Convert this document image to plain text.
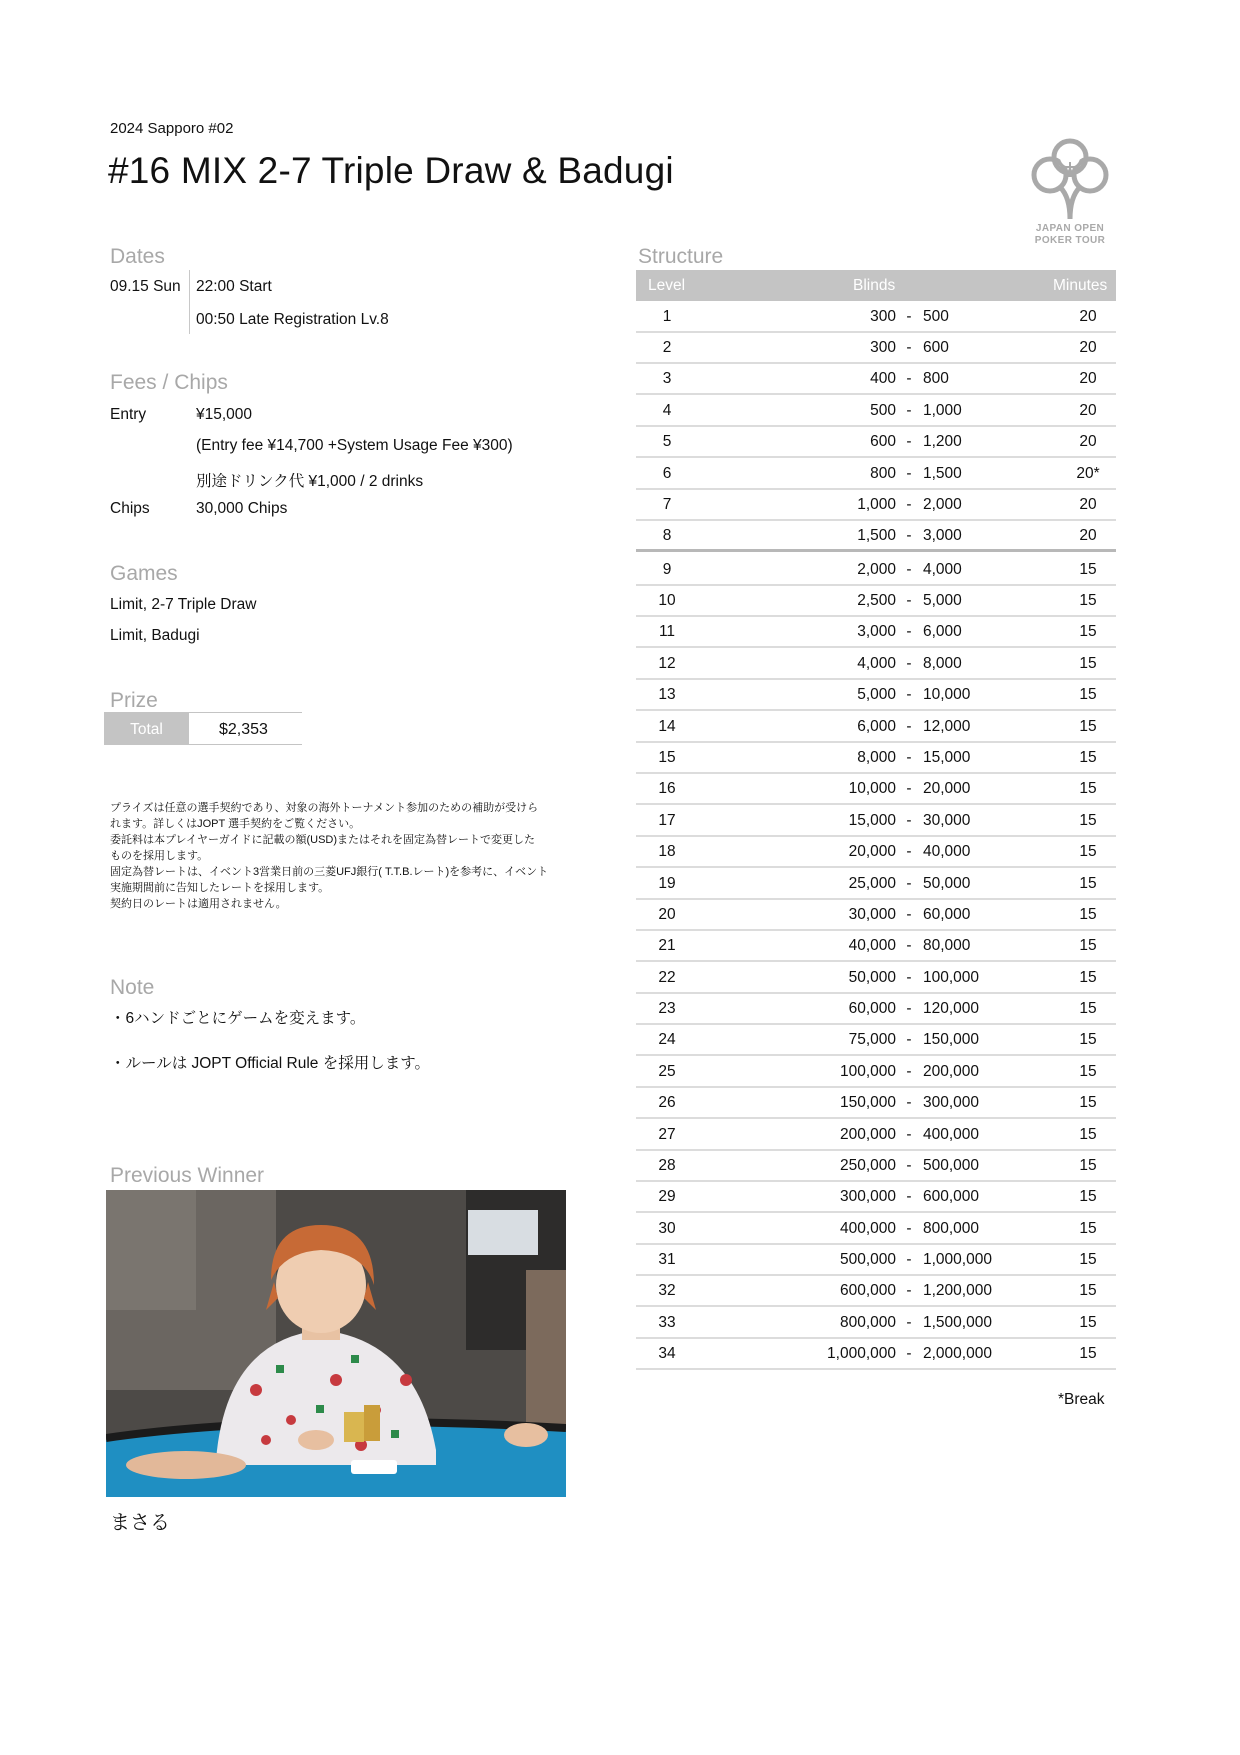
2024 Sapporo #02
#16 MIX 2-7 Triple Draw & Badugi
JAPAN OPEN
POKER TOUR
Dates
09.15 Sun 22:00 Start
00:50 Late Registration Lv.8
Fees / Chips
Entry	¥15,000
(Entry fee ¥14,700 +System Usage Fee ¥300)
別途ドリンク代 ¥1,000 / 2 drinks
Chips	30,000 Chips
Games
Limit, 2-7 Triple Draw
Limit, Badugi
Prize
Total	$2,353
プライズは任意の選手契約であり、対象の海外トーナメント参加のための補助が受けら
れます。詳しくはJOPT 選手契約をご覧ください。
委託料は本プレイヤーガイドに記載の額(USD)またはそれを固定為替レートで変更した
ものを採用します。
固定為替レートは、イベント3営業日前の三菱UFJ銀行( T.T.B.レート)を参考に、イベント
実施期間前に告知したレートを採用します。
契約日のレートは適用されません。
Note
・6ハンドごとにゲームを変えます。
・ルールは JOPT Official Rule を採用します。
Previous Winner
まさる
Structure
Level	Blinds	Minutes
1	300 - 500	20
2	300 - 600	20
3	400 - 800	20
4	500 - 1,000	20
5	600 - 1,200	20
6	800 - 1,500	20*
7	1,000 - 2,000	20
8	1,500 - 3,000	20
9	2,000 - 4,000	15
10	2,500 - 5,000	15
11	3,000 - 6,000	15
12	4,000 - 8,000	15
13	5,000 - 10,000	15
14	6,000 - 12,000	15
15	8,000 - 15,000	15
16	10,000 - 20,000	15
17	15,000 - 30,000	15
18	20,000 - 40,000	15
19	25,000 - 50,000	15
20	30,000 - 60,000	15
21	40,000 - 80,000	15
22	50,000 - 100,000	15
23	60,000 - 120,000	15
24	75,000 - 150,000	15
25	100,000 - 200,000	15
26	150,000 - 300,000	15
27	200,000 - 400,000	15
28	250,000 - 500,000	15
29	300,000 - 600,000	15
30	400,000 - 800,000	15
31	500,000 - 1,000,000	15
32	600,000 - 1,200,000	15
33	800,000 - 1,500,000	15
34	1,000,000 - 2,000,000	15
*Break
